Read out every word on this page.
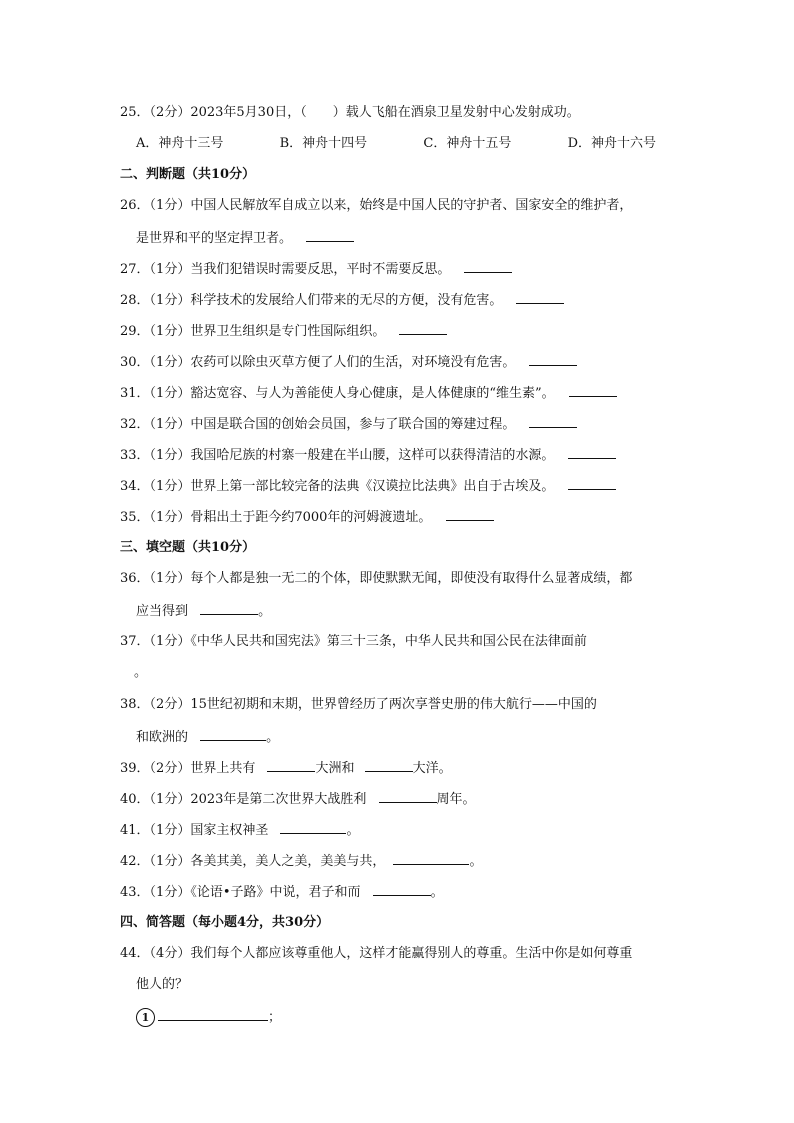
25．（2分）2023年5月30日，（　　）载人飞船在酒泉卫星发射中心发射成功。
A．神舟十三号	B．神舟十四号	C．神舟十五号	D．神舟十六号
二、判断题（共10分）
26．（1分）中国人民解放军自成立以来，始终是中国人民的守护者、国家安全的维护者，
是世界和平的坚定捍卫者。
27．（1分）当我们犯错误时需要反思，平时不需要反思。
28．（1分）科学技术的发展给人们带来的无尽的方便，没有危害。
29．（1分）世界卫生组织是专门性国际组织。
30．（1分）农药可以除虫灭草方便了人们的生活，对环境没有危害。
31．（1分）豁达宽容、与人为善能使人身心健康，是人体健康的“维生素”。
32．（1分）中国是联合国的创始会员国，参与了联合国的筹建过程。
33．（1分）我国哈尼族的村寨一般建在半山腰，这样可以获得清洁的水源。
34．（1分）世界上第一部比较完备的法典《汉谟拉比法典》出自于古埃及。
35．（1分）骨耜出土于距今约7000年的河姆渡遗址。
三、填空题（共10分）
36．（1分）每个人都是独一无二的个体，即使默默无闻，即使没有取得什么显著成绩，都
应当得到	。
37．（1分）《中华人民共和国宪法》第三十三条，中华人民共和国公民在法律面前
。
38．（2分）15世纪初期和末期，世界曾经历了两次享誉史册的伟大航行——中国的
和欧洲的	。
39．（2分）世界上共有	大洲和	大洋。
40．（1分）2023年是第二次世界大战胜利	周年。
41．（1分）国家主权神圣	。
42．（1分）各美其美，美人之美，美美与共，	。
43．（1分）《论语•子路》中说，君子和而	。
四、简答题（每小题4分，共30分）
44．（4分）我们每个人都应该尊重他人，这样才能赢得别人的尊重。生活中你是如何尊重
他人的？
1	；
